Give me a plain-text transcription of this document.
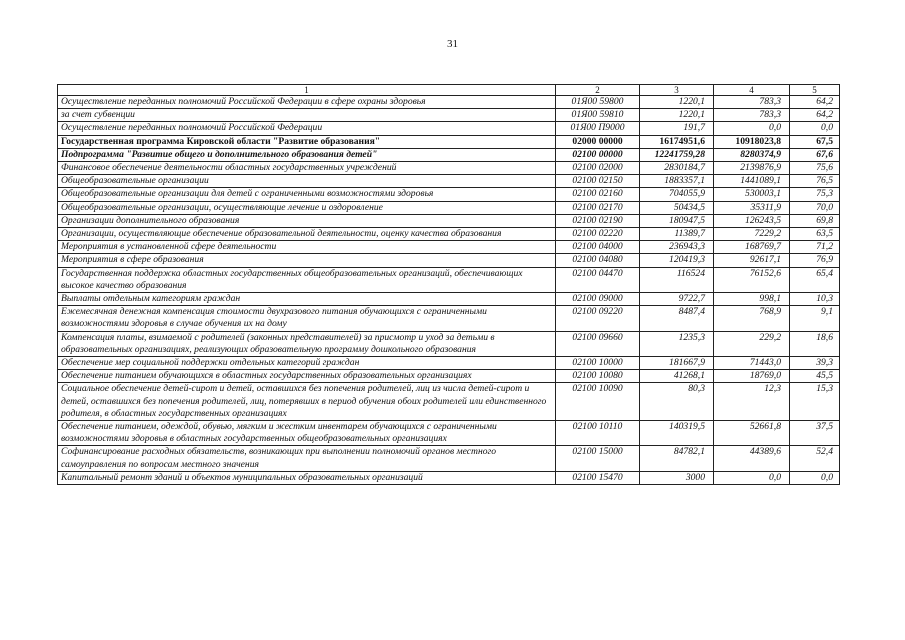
31
1	2	3	4	5
Осуществление переданных полномочий Российской Федерации в сфере охраны здоровья	01Я00 59800	1220,1	783,3	64,2
за счет субвенции	01Я00 59810	1220,1	783,3	64,2
Осуществление переданных полномочий Российской Федерации	01Я00 П9000	191,7	0,0	0,0
Государственная программа Кировской области "Развитие образования"	02000 00000	16174951,6	10918023,8	67,5
Подпрограмма "Развитие общего и дополнительного образования детей"	02100 00000	12241759,28	8280374,9	67,6
Финансовое обеспечение деятельности областных государственных учреждений	02100 02000	2830184,7	2139876,9	75,6
Общеобразовательные организации	02100 02150	1883357,1	1441089,1	76,5
Общеобразовательные организации для детей с ограниченными возможностями здоровья	02100 02160	704055,9	530003,1	75,3
Общеобразовательные организации, осуществляющие лечение и оздоровление	02100 02170	50434,5	35311,9	70,0
Организации дополнительного образования	02100 02190	180947,5	126243,5	69,8
Организации, осуществляющие обеспечение образовательной деятельности, оценку качества образования	02100 02220	11389,7	7229,2	63,5
Мероприятия в установленной сфере деятельности	02100 04000	236943,3	168769,7	71,2
Мероприятия в сфере образования	02100 04080	120419,3	92617,1	76,9
Государственная поддержка областных государственных общеобразовательных организаций, обеспечивающих высокое качество образования	02100 04470	116524	76152,6	65,4
Выплаты отдельным категориям граждан	02100 09000	9722,7	998,1	10,3
Ежемесячная денежная компенсация стоимости двухразового питания обучающихся с ограниченными возможностями здоровья в случае обучения их на дому	02100 09220	8487,4	768,9	9,1
Компенсация платы, взимаемой с родителей (законных представителей) за присмотр и уход за детьми в образовательных организациях, реализующих образовательную программу дошкольного образования	02100 09660	1235,3	229,2	18,6
Обеспечение мер социальной поддержки отдельных категорий граждан	02100 10000	181667,9	71443,0	39,3
Обеспечение питанием обучающихся в областных государственных образовательных организациях	02100 10080	41268,1	18769,0	45,5
Социальное обеспечение детей-сирот и детей, оставшихся без попечения родителей, лиц из числа детей-сирот и детей, оставшихся без попечения родителей, лиц, потерявших в период обучения обоих родителей или единственного родителя, в областных государственных организациях	02100 10090	80,3	12,3	15,3
Обеспечение питанием, одеждой, обувью, мягким и жестким инвентарем обучающихся с ограниченными возможностями здоровья в областных государственных общеобразовательных организациях	02100 10110	140319,5	52661,8	37,5
Софинансирование расходных обязательств, возникающих при выполнении полномочий органов местного самоуправления по вопросам местного значения	02100 15000	84782,1	44389,6	52,4
Капитальный ремонт зданий и объектов муниципальных образовательных организаций	02100 15470	3000	0,0	0,0
